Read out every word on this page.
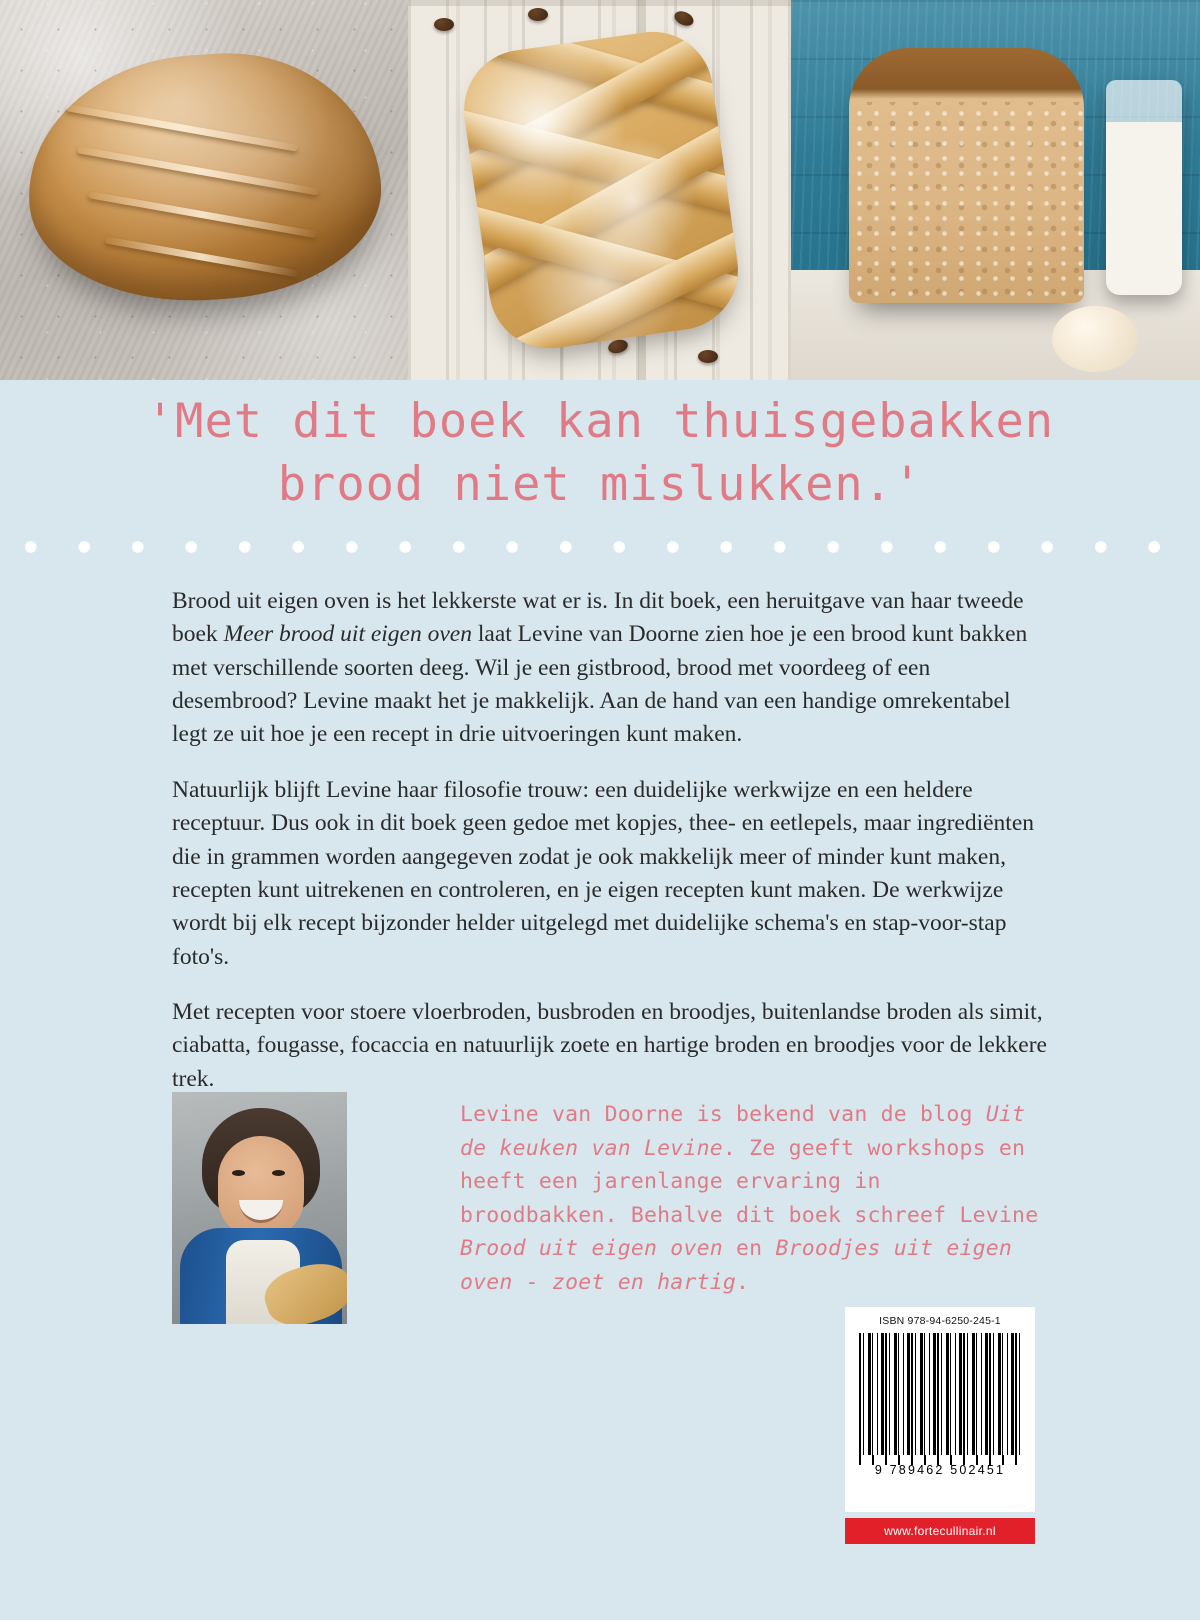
'Met dit boek kan thuisgebakken
brood niet mislukken.'

Brood uit eigen oven is het lekkerste wat er is. In dit boek, een heruitgave van haar tweede boek Meer brood uit eigen oven laat Levine van Doorne zien hoe je een brood kunt bakken met verschillende soorten deeg. Wil je een gistbrood, brood met voordeeg of een desembrood? Levine maakt het je makkelijk. Aan de hand van een handige omrekentabel legt ze uit hoe je een recept in drie uitvoeringen kunt maken.

Natuurlijk blijft Levine haar filosofie trouw: een duidelijke werkwijze en een heldere receptuur. Dus ook in dit boek geen gedoe met kopjes, thee- en eetlepels, maar ingrediënten die in grammen worden aangegeven zodat je ook makkelijk meer of minder kunt maken, recepten kunt uitrekenen en controleren, en je eigen recepten kunt maken. De werkwijze wordt bij elk recept bijzonder helder uitgelegd met duidelijke schema's en stap-voor-stap foto's.

Met recepten voor stoere vloerbroden, busbroden en broodjes, buitenlandse broden als simit, ciabatta, fougasse, focaccia en natuurlijk zoete en hartige broden en broodjes voor de lekkere trek.

Levine van Doorne is bekend van de blog Uit de keuken van Levine. Ze geeft workshops en heeft een jarenlange ervaring in broodbakken. Behalve dit boek schreef Levine Brood uit eigen oven en Broodjes uit eigen oven - zoet en hartig.
ISBN 978-94-6250-245-1
9 789462 502451
www.fortecullinair.nl
